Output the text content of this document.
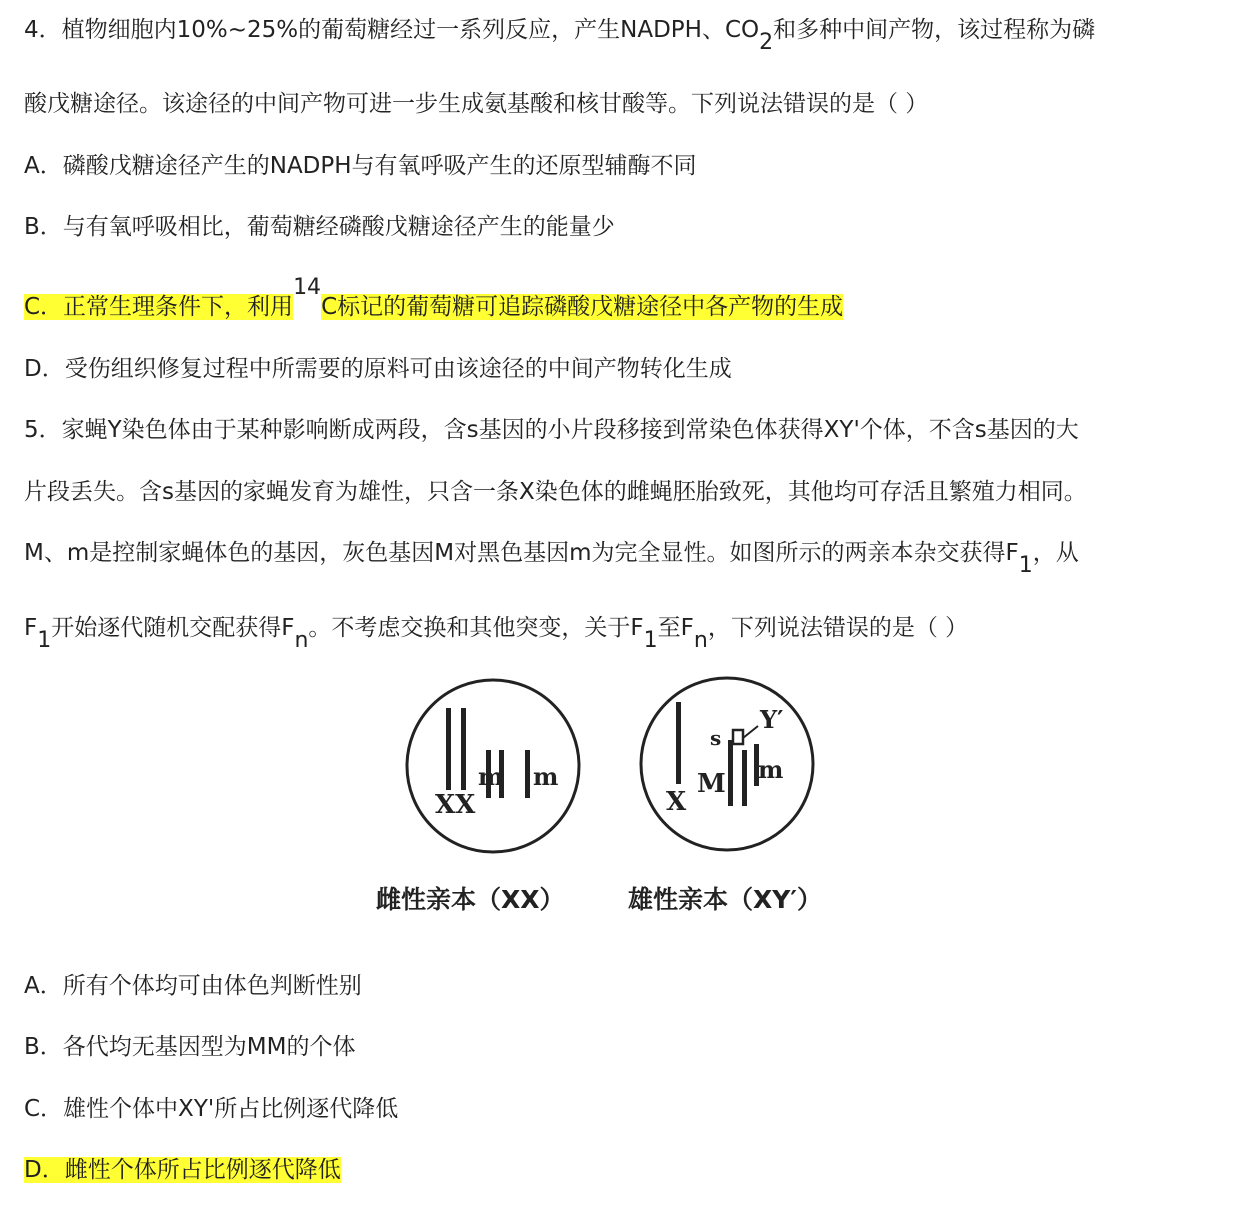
4．植物细胞内10%~25%的葡萄糖经过一系列反应，产生NADPH、CO2和多种中间产物，该过程称为磷
酸戊糖途径。该途径的中间产物可进一步生成氨基酸和核甘酸等。下列说法错误的是（ ）
A．磷酸戊糖途径产生的NADPH与有氧呼吸产生的还原型辅酶不同
B．与有氧呼吸相比，葡萄糖经磷酸戊糖途径产生的能量少
C．正常生理条件下，利用14C标记的葡萄糖可追踪磷酸戊糖途径中各产物的生成
D．受伤组织修复过程中所需要的原料可由该途径的中间产物转化生成
5．家蝇Y染色体由于某种影响断成两段，含s基因的小片段移接到常染色体获得XY'个体，不含s基因的大
片段丢失。含s基因的家蝇发育为雄性，只含一条X染色体的雌蝇胚胎致死，其他均可存活且繁殖力相同。
M、m是控制家蝇体色的基因，灰色基因M对黑色基因m为完全显性。如图所示的两亲本杂交获得F1，从
F1开始逐代随机交配获得Fn。不考虑交换和其他突变，关于F1至Fn，下列说法错误的是（ ）
XX
m m
X
s
Y′
M m
雌性亲本（XX）	雄性亲本（XY′）
A．所有个体均可由体色判断性别
B．各代均无基因型为MM的个体
C．雄性个体中XY'所占比例逐代降低
D．雌性个体所占比例逐代降低
